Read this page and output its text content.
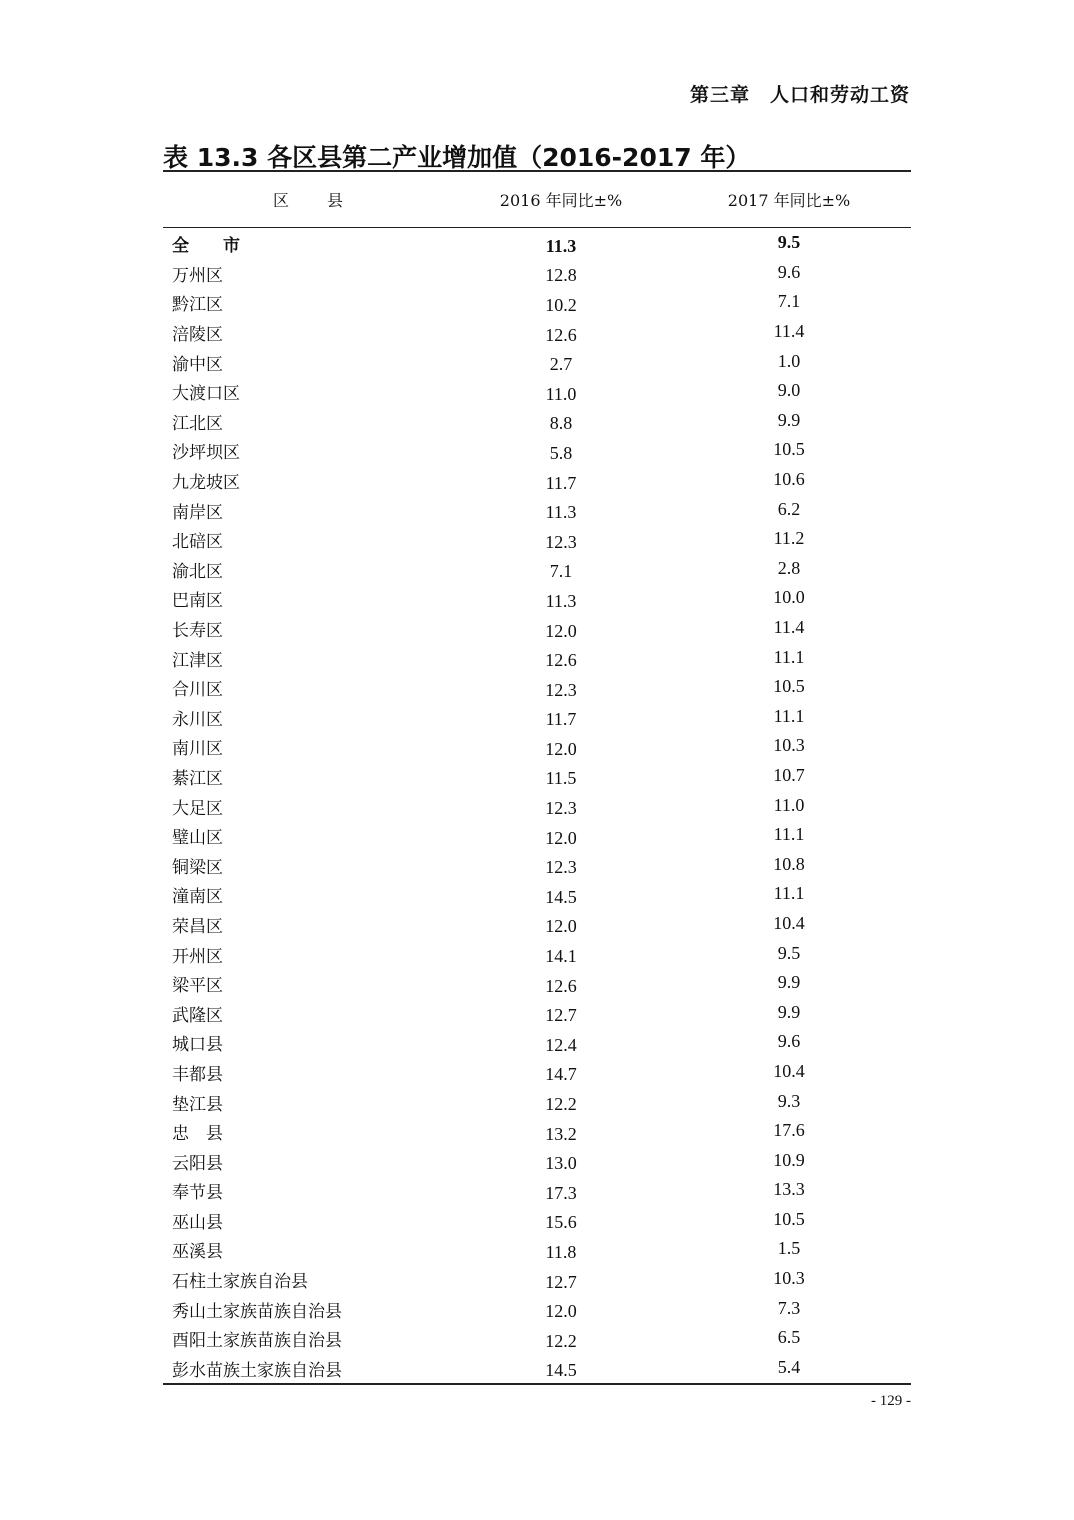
第三章　人口和劳动工资
表 13.3 各区县第二产业增加值（2016-2017 年）
区　　县	2016 年同比±%	2017 年同比±%
全　　市	11.3	9.5
万州区	12.8	9.6
黔江区	10.2	7.1
涪陵区	12.6	11.4
渝中区	2.7	1.0
大渡口区	11.0	9.0
江北区	8.8	9.9
沙坪坝区	5.8	10.5
九龙坡区	11.7	10.6
南岸区	11.3	6.2
北碚区	12.3	11.2
渝北区	7.1	2.8
巴南区	11.3	10.0
长寿区	12.0	11.4
江津区	12.6	11.1
合川区	12.3	10.5
永川区	11.7	11.1
南川区	12.0	10.3
綦江区	11.5	10.7
大足区	12.3	11.0
璧山区	12.0	11.1
铜梁区	12.3	10.8
潼南区	14.5	11.1
荣昌区	12.0	10.4
开州区	14.1	9.5
梁平区	12.6	9.9
武隆区	12.7	9.9
城口县	12.4	9.6
丰都县	14.7	10.4
垫江县	12.2	9.3
忠　县	13.2	17.6
云阳县	13.0	10.9
奉节县	17.3	13.3
巫山县	15.6	10.5
巫溪县	11.8	1.5
石柱土家族自治县	12.7	10.3
秀山土家族苗族自治县	12.0	7.3
酉阳土家族苗族自治县	12.2	6.5
彭水苗族土家族自治县	14.5	5.4
- 129 -
